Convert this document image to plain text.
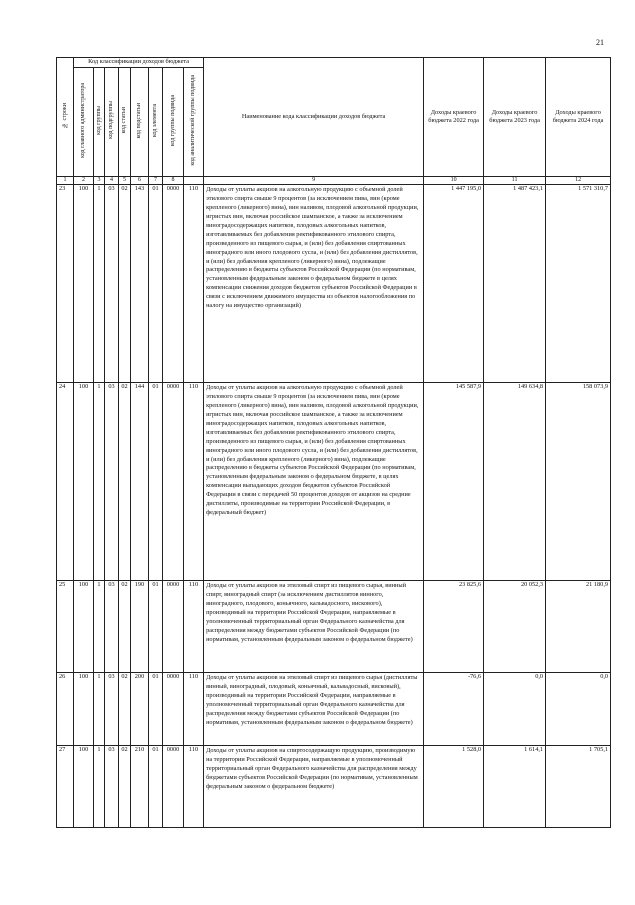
21
№ строки	Код классификации доходов бюджета								Наименование кода классификации доходов бюджета	Доходы краевого бюджета 2022 года	Доходы краевого бюджета 2023 года	Доходы краевого бюджета 2024 года
	код главного администратора	код группы	код подгруппы	код статьи	код подстатьи	код элемента	код группы подвида	код аналитической группы подвида				
1	2	3	4	5	6	7	8		9	10	11	12
23	100	1	03	02	143	01	0000	110	Доходы от уплаты акцизов на алкогольную продукцию с объемной долей этилового спирта свыше 9 процентов (за исключением пива, вин (кроме крепленого (ликерного) вина), вин наливом, плодовой алкогольной продукции, игристых вин, включая российское шампанское, а также за исключением виноградосодержащих напитков, плодовых алкогольных напитков, изготавливаемых без добавления ректификованного этилового спирта, произведенного из пищевого сырья, и (или) без добавления спиртованных виноградного или иного плодового сусла, и (или) без добавления дистиллятов, и (или) без добавления крепленого (ликерного) вина), подлежащие распределению в бюджеты субъектов Российской Федерации (по нормативам, установленным федеральным законом о федеральном бюджете в целях компенсации снижения доходов бюджетов субъектов Российской Федерации в связи с исключением движимого имущества из объектов налогообложения по налогу на имущество организаций)	1 447 195,0	1 487 423,1	1 571 310,7
24	100	1	03	02	144	01	0000	110	Доходы от уплаты акцизов на алкогольную продукцию с объемной долей этилового спирта свыше 9 процентов (за исключением пива, вин (кроме крепленого (ликерного) вина), вин наливом, плодовой алкогольной продукции, игристых вин, включая российское шампанское, а также за исключением виноградосодержащих напитков, плодовых алкогольных напитков, изготавливаемых без добавления ректификованного этилового спирта, произведенного из пищевого сырья, и (или) без добавления спиртованных виноградного или иного плодового сусла, и (или) без добавления дистиллятов, и (или) без добавления крепленого (ликерного) вина), подлежащие распределению в бюджеты субъектов Российской Федерации (по нормативам, установленным федеральным законом о федеральном бюджете, в целях компенсации выпадающих доходов бюджетов субъектов Российской Федерации в связи с передачей 50 процентов доходов от акцизов на средние дистилляты, производимые на территории Российской Федерации, в федеральный бюджет)	145 587,9	149 634,8	158 073,9
25	100	1	03	02	190	01	0000	110	Доходы от уплаты акцизов на этиловый спирт из пищевого сырья, винный спирт, виноградный спирт (за исключением дистиллятов винного, виноградного, плодового, коньячного, кальвадосного, вискового), производимый на территории Российской Федерации, направляемые в уполномоченный территориальный орган Федерального казначейства для распределения между бюджетами субъектов Российской Федерации (по нормативам, установленным федеральным законом о федеральном бюджете)	23 825,6	20 052,3	21 180,9
26	100	1	03	02	200	01	0000	110	Доходы от уплаты акцизов на этиловый спирт из пищевого сырья (дистилляты винный, виноградный, плодовый, коньячный, кальвадосный, висковый), производимый на территории Российской Федерации, направляемые в уполномоченный территориальный орган Федерального казначейства для распределения между бюджетами субъектов Российской Федерации (по нормативам, установленным федеральным законом о федеральном бюджете)	-76,6	0,0	0,0
27	100	1	03	02	210	01	0000	110	Доходы от уплаты акцизов на спиртосодержащую продукцию, производимую на территории Российской Федерации, направляемые в уполномоченный территориальный орган Федерального казначейства для распределения между бюджетами субъектов Российской Федерации (по нормативам, установленным федеральным законом о федеральном бюджете)	1 528,0	1 614,1	1 705,1
